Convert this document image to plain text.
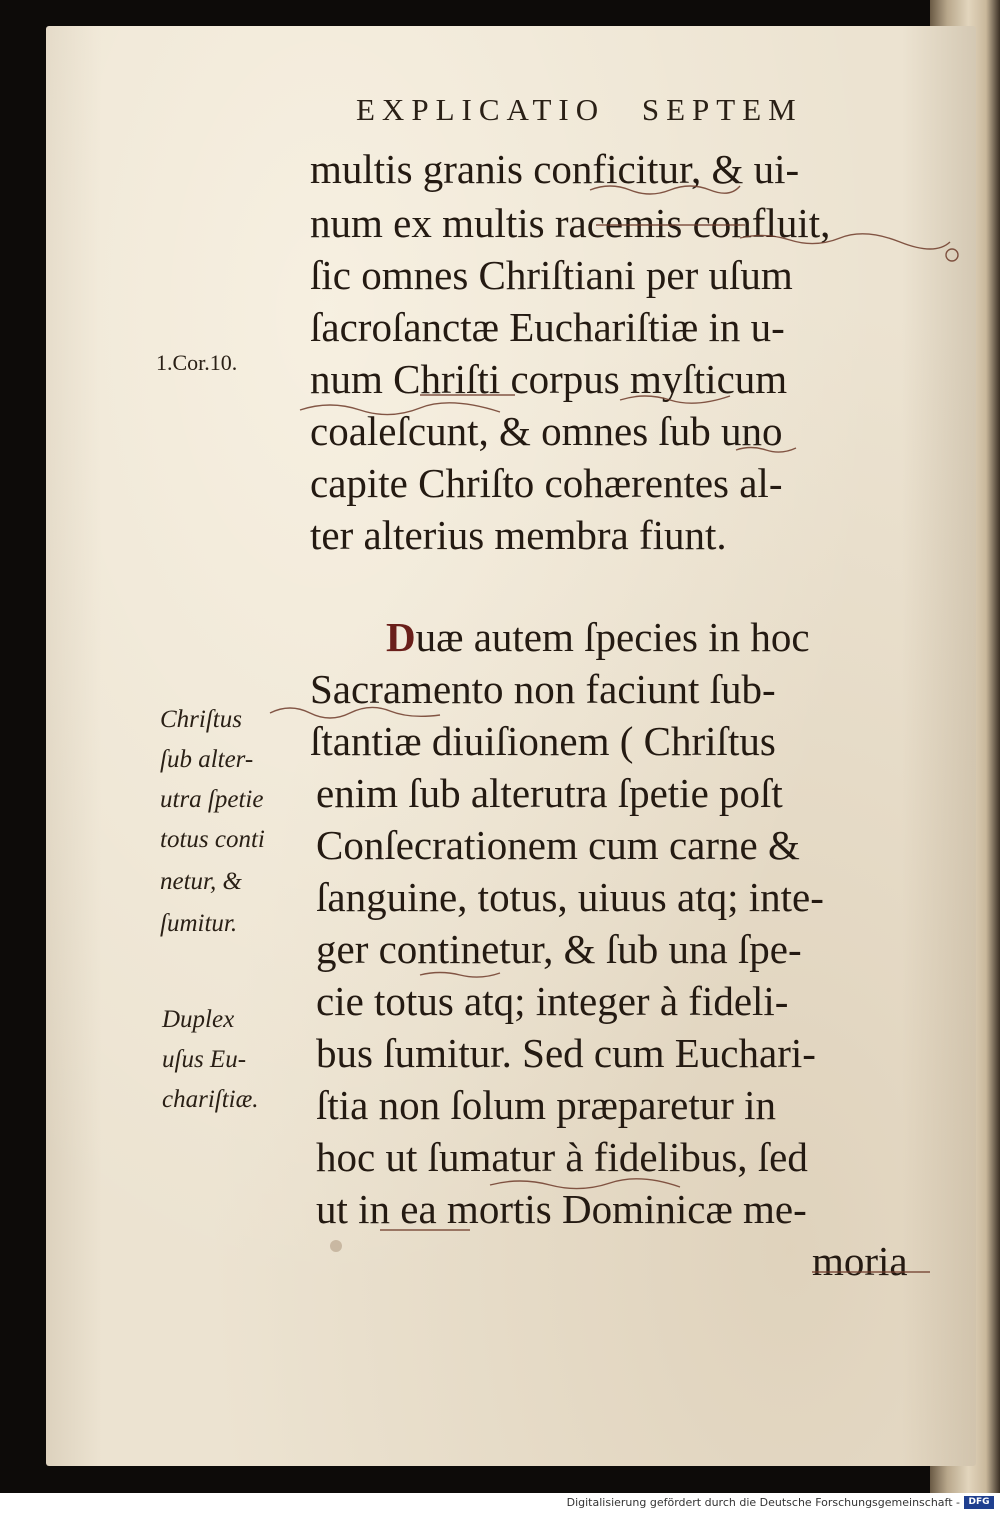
EXPLICATIO SEPTEM
multis granis conficitur, & ui-
num ex multis racemis confluit,
ſic omnes Chriſtiani per uſum
ſacroſanctæ Euchariſtiæ in u-
num Chriſti corpus myſticum
coaleſcunt, & omnes ſub uno
capite Chriſto cohærentes al-
ter alterius membra fiunt.
Duæ autem ſpecies in hoc
Sacramento non faciunt ſub-
ſtantiæ diuiſionem ( Chriſtus
enim ſub alterutra ſpetie poſt
Conſecrationem cum carne &
ſanguine, totus, uiuus atq; inte-
ger continetur, & ſub una ſpe-
cie totus atq; integer à fideli-
bus ſumitur. Sed cum Euchari-
ſtia non ſolum præparetur in
hoc ut ſumatur à fidelibus, ſed
ut in ea mortis Dominicæ me-
moria
1.Cor.10.
Chriſtus
ſub alter-
utra ſpetie
totus conti
netur, &
ſumitur.
Duplex
uſus Eu-
chariſtiæ.
Digitalisierung gefördert durch die Deutsche Forschungsgemeinschaft - DFG
